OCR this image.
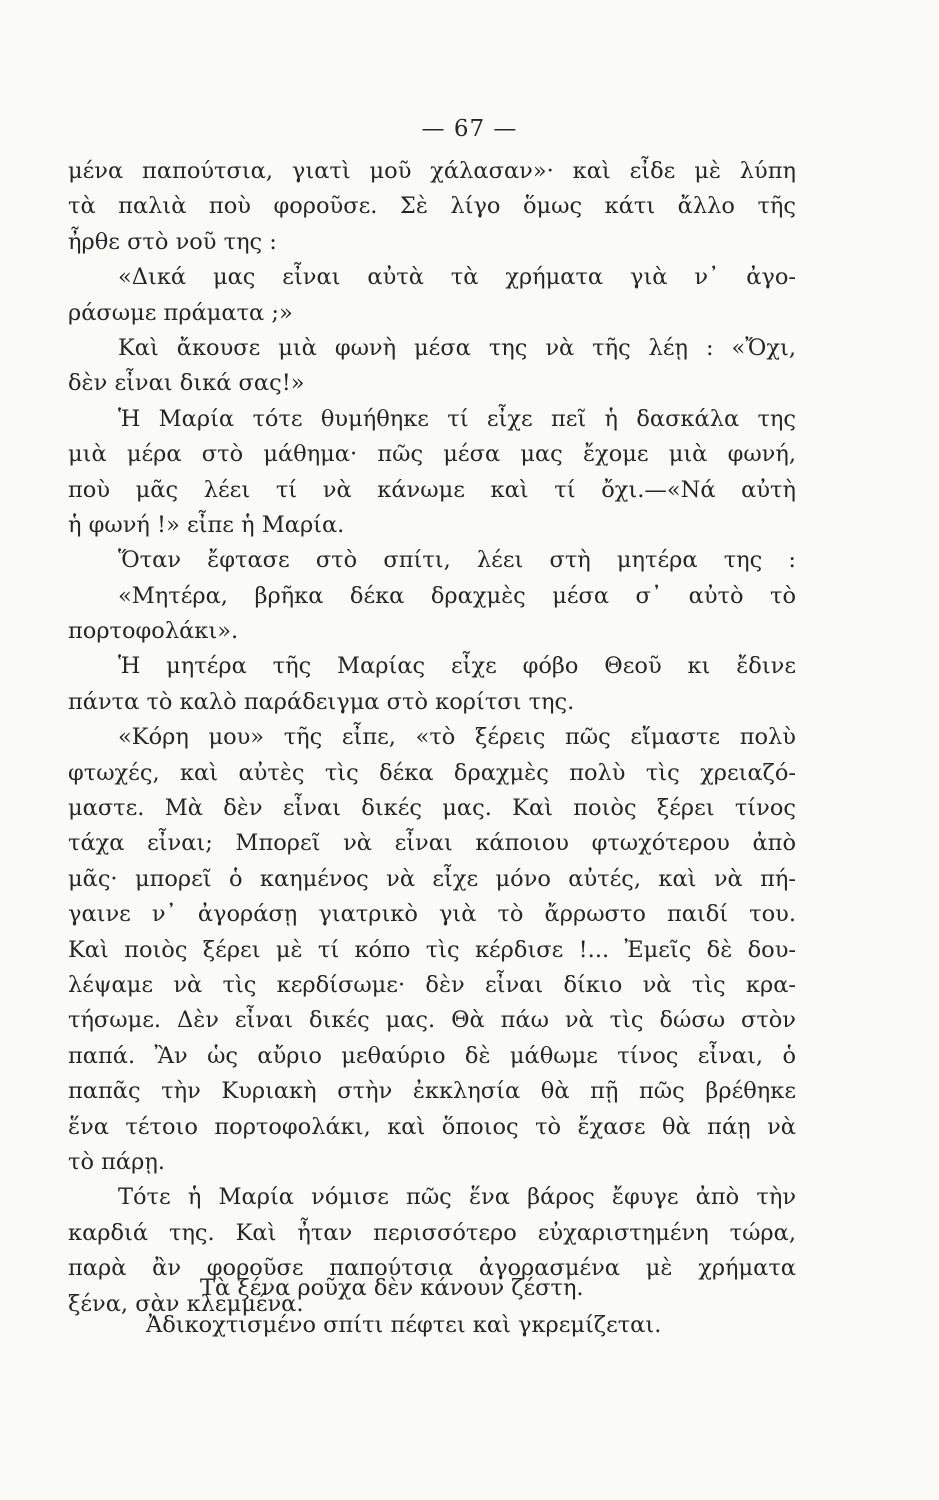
— 67 —
μένα παπούτσια, γιατὶ μοῦ χάλασαν»· καὶ εἶδε μὲ λύπη
τὰ παλιὰ ποὺ φοροῦσε. Σὲ λίγο ὅμως κάτι ἄλλο τῆς
ἦρθε στὸ νοῦ της :
«Δικά μας εἶναι αὐτὰ τὰ χρήματα γιὰ ν᾿ ἀγο-
ράσωμε πράματα ;»
Καὶ ἄκουσε μιὰ φωνὴ μέσα της νὰ τῆς λέῃ : «Ὄχι,
δὲν εἶναι δικά σας!»
Ἡ Μαρία τότε θυμήθηκε τί εἶχε πεῖ ἡ δασκάλα της
μιὰ μέρα στὸ μάθημα· πῶς μέσα μας ἔχομε μιὰ φωνή,
ποὺ μᾶς λέει τί νὰ κάνωμε καὶ τί ὄχι.—«Νά αὐτὴ
ἡ φωνή !» εἶπε ἡ Μαρία.
Ὅταν ἔφτασε στὸ σπίτι, λέει στὴ μητέρα της :
«Μητέρα, βρῆκα δέκα δραχμὲς μέσα σ᾿ αὐτὸ τὸ
πορτοφολάκι».
Ἡ μητέρα τῆς Μαρίας εἶχε φόβο Θεοῦ κι ἔδινε
πάντα τὸ καλὸ παράδειγμα στὸ κορίτσι της.
«Κόρη μου» τῆς εἶπε, «τὸ ξέρεις πῶς εἴμαστε πολὺ
φτωχές, καὶ αὐτὲς τὶς δέκα δραχμὲς πολὺ τὶς χρειαζό-
μαστε. Μὰ δὲν εἶναι δικές μας. Καὶ ποιὸς ξέρει τίνος
τάχα εἶναι; Μπορεῖ νὰ εἶναι κάποιου φτωχότερου ἀπὸ
μᾶς· μπορεῖ ὁ καημένος νὰ εἶχε μόνο αὐτές, καὶ νὰ πή-
γαινε ν᾿ ἀγοράσῃ γιατρικὸ γιὰ τὸ ἄρρωστο παιδί του.
Καὶ ποιὸς ξέρει μὲ τί κόπο τὶς κέρδισε !... Ἐμεῖς δὲ δου-
λέψαμε νὰ τὶς κερδίσωμε· δὲν εἶναι δίκιο νὰ τὶς κρα-
τήσωμε. Δὲν εἶναι δικές μας. Θὰ πάω νὰ τὶς δώσω στὸν
παπά. Ἂν ὡς αὔριο μεθαύριο δὲ μάθωμε τίνος εἶναι, ὁ
παπᾶς τὴν Κυριακὴ στὴν ἐκκλησία θὰ πῇ πῶς βρέθηκε
ἕνα τέτοιο πορτοφολάκι, καὶ ὅποιος τὸ ἔχασε θὰ πάῃ νὰ
τὸ πάρῃ.
Τότε ἡ Μαρία νόμισε πῶς ἕνα βάρος ἔφυγε ἀπὸ τὴν
καρδιά της. Καὶ ἦταν περισσότερο εὐχαριστημένη τώρα,
παρὰ ἂν φοροῦσε παπούτσια ἀγορασμένα μὲ χρήματα
ξένα, σὰν κλεμμένα.
Τὰ ξένα ροῦχα δὲν κάνουν ζέστη.
Ἀδικοχτισμένο σπίτι πέφτει καὶ γκρεμίζεται.
